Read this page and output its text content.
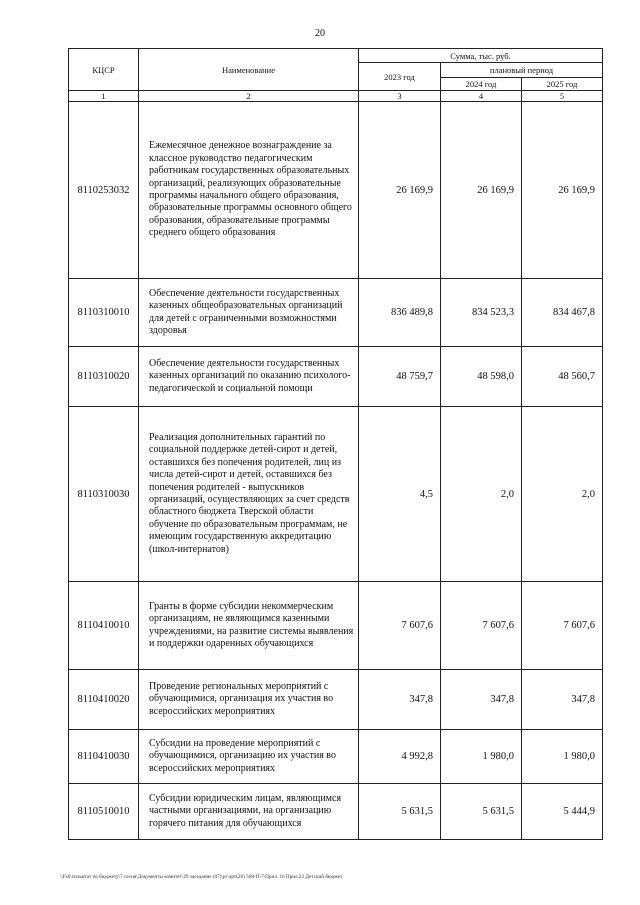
20
КЦСР	Наименование	Сумма, тыс. руб.		
		2023 год	плановый период	
			2024 год	2025 год
1	2	3	4	5
8110253032	Ежемесячное денежное вознаграждение за классное руководство педагогическим работникам государственных образовательных организаций, реализующих образовательные программы начального общего образования, образовательные программы основного общего образования, образовательные программы среднего общего образования	26 169,9	26 169,9	26 169,9
8110310010	Обеспечение деятельности государственных казенных общеобразовательных организаций для детей с ограниченными возможностями здоровья	836 489,8	834 523,3	834 467,8
8110310020	Обеспечение деятельности государственных казенных организаций по оказанию психолого-педагогической и социальной помощи	48 759,7	48 598,0	48 560,7
8110310030	Реализация дополнительных гарантий по социальной поддержке детей-сирот и детей, оставшихся без попечения родителей, лиц из числа детей-сирот и детей, оставшихся без попечения родителей - выпускников организаций, осуществляющих за счет средств областного бюджета Тверской области обучение по образовательным программам, не имеющим государственную аккредитацию (школ-интернатов)	4,5	2,0	2,0
8110410010	Гранты в форме субсидии некоммерческим организациям, не являющимся казенными учреждениями, на развитие системы выявления и поддержки одаренных обучающихся	7 607,6	7 607,6	7 607,6
8110410020	Проведение региональных мероприятий с обучающимися, организация их участия во всероссийских мероприятиях	347,8	347,8	347,8
8110410030	Субсидии на проведение мероприятий с обучающимися, организацию их участия во всероссийских мероприятиях	4 992,8	1 980,0	1 980,0
8110510010	Субсидии юридическим лицам, являющимся частными организациями, на организацию горячего питания для обучающихся	5 631,5	5 631,5	5 444,9
\\Fs0\гильитат по бюджету\7 сесия\Документы комитет\29 заседание (07)\рг\арт(28) 508-П-7\Прил. 16 Прил 23 Детский бюджет
